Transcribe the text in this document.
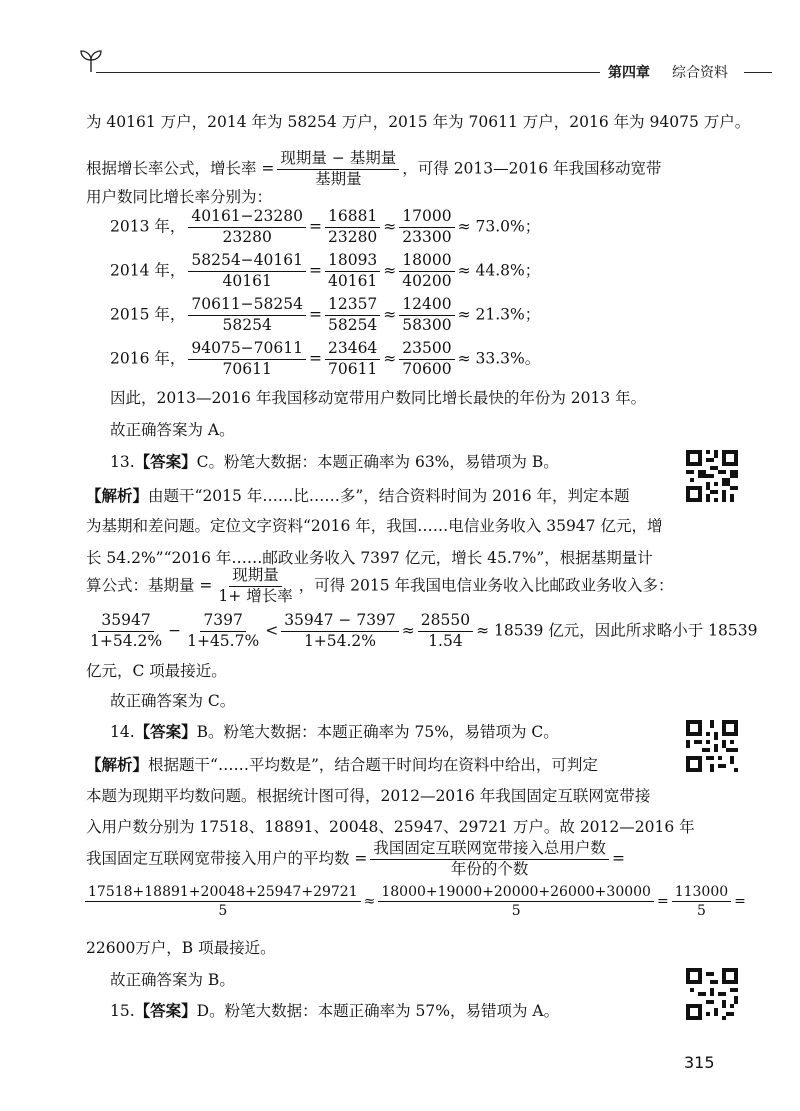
第四章 综合资料
为 40161 万户，2014 年为 58254 万户，2015 年为 70611 万户，2016 年为 94075 万户。
根据增长率公式，增长率 = $\frac{\text{现期量 − 基期量}}{\text{基期量}}$ ，可得 2013—2016 年我国移动宽带
用户数同比增长率分别为：
2013 年， $\frac{40161-23280}{23280} = \frac{16881}{23280} \approx \frac{17000}{23300} \approx 73.0\%$；
2014 年， $\frac{58254-40161}{40161} = \frac{18093}{40161} \approx \frac{18000}{40200} \approx 44.8\%$；
2015 年， $\frac{70611-58254}{58254} = \frac{12357}{58254} \approx \frac{12400}{58300} \approx 21.3\%$；
2016 年， $\frac{94075-70611}{70611} = \frac{23464}{70611} \approx \frac{23500}{70600} \approx 33.3\%$。
因此，2013—2016 年我国移动宽带用户数同比增长最快的年份为 2013 年。
故正确答案为 A。
13.【答案】C。粉笔大数据：本题正确率为 63%，易错项为 B。
【解析】由题干“2015 年……比……多”，结合资料时间为 2016 年，判定本题
为基期和差问题。定位文字资料“2016 年，我国……电信业务收入 35947 亿元，增
长 54.2%”“2016 年……邮政业务收入 7397 亿元，增长 45.7%”，根据基期量计
算公式：基期量 = $\frac{\text{现期量}}{\text{1+ 增长率}}$ ，可得 2015 年我国电信业务收入比邮政业务收入多：
$\frac{35947}{1+54.2\%} - \frac{7397}{1+45.7\%} < \frac{35947 - 7397}{1+54.2\%} \approx \frac{28550}{1.54} \approx 18539$ 亿元，因此所求略小于 18539
亿元，C 项最接近。
故正确答案为 C。
14.【答案】B。粉笔大数据：本题正确率为 75%，易错项为 C。
【解析】根据题干“……平均数是”，结合题干时间均在资料中给出，可判定
本题为现期平均数问题。根据统计图可得，2012—2016 年我国固定互联网宽带接
入用户数分别为 17518、18891、20048、25947、29721 万户。故 2012—2016 年
我国固定互联网宽带接入用户的平均数 = $\frac{\text{我国固定互联网宽带接入总用户数}}{\text{年份的个数}}$ =
$\frac{17518+18891+20048+25947+29721}{5} \approx \frac{18000+19000+20000+26000+30000}{5} = \frac{113000}{5}$ =
22600万户，B 项最接近。
故正确答案为 B。
15.【答案】D。粉笔大数据：本题正确率为 57%，易错项为 A。
315
